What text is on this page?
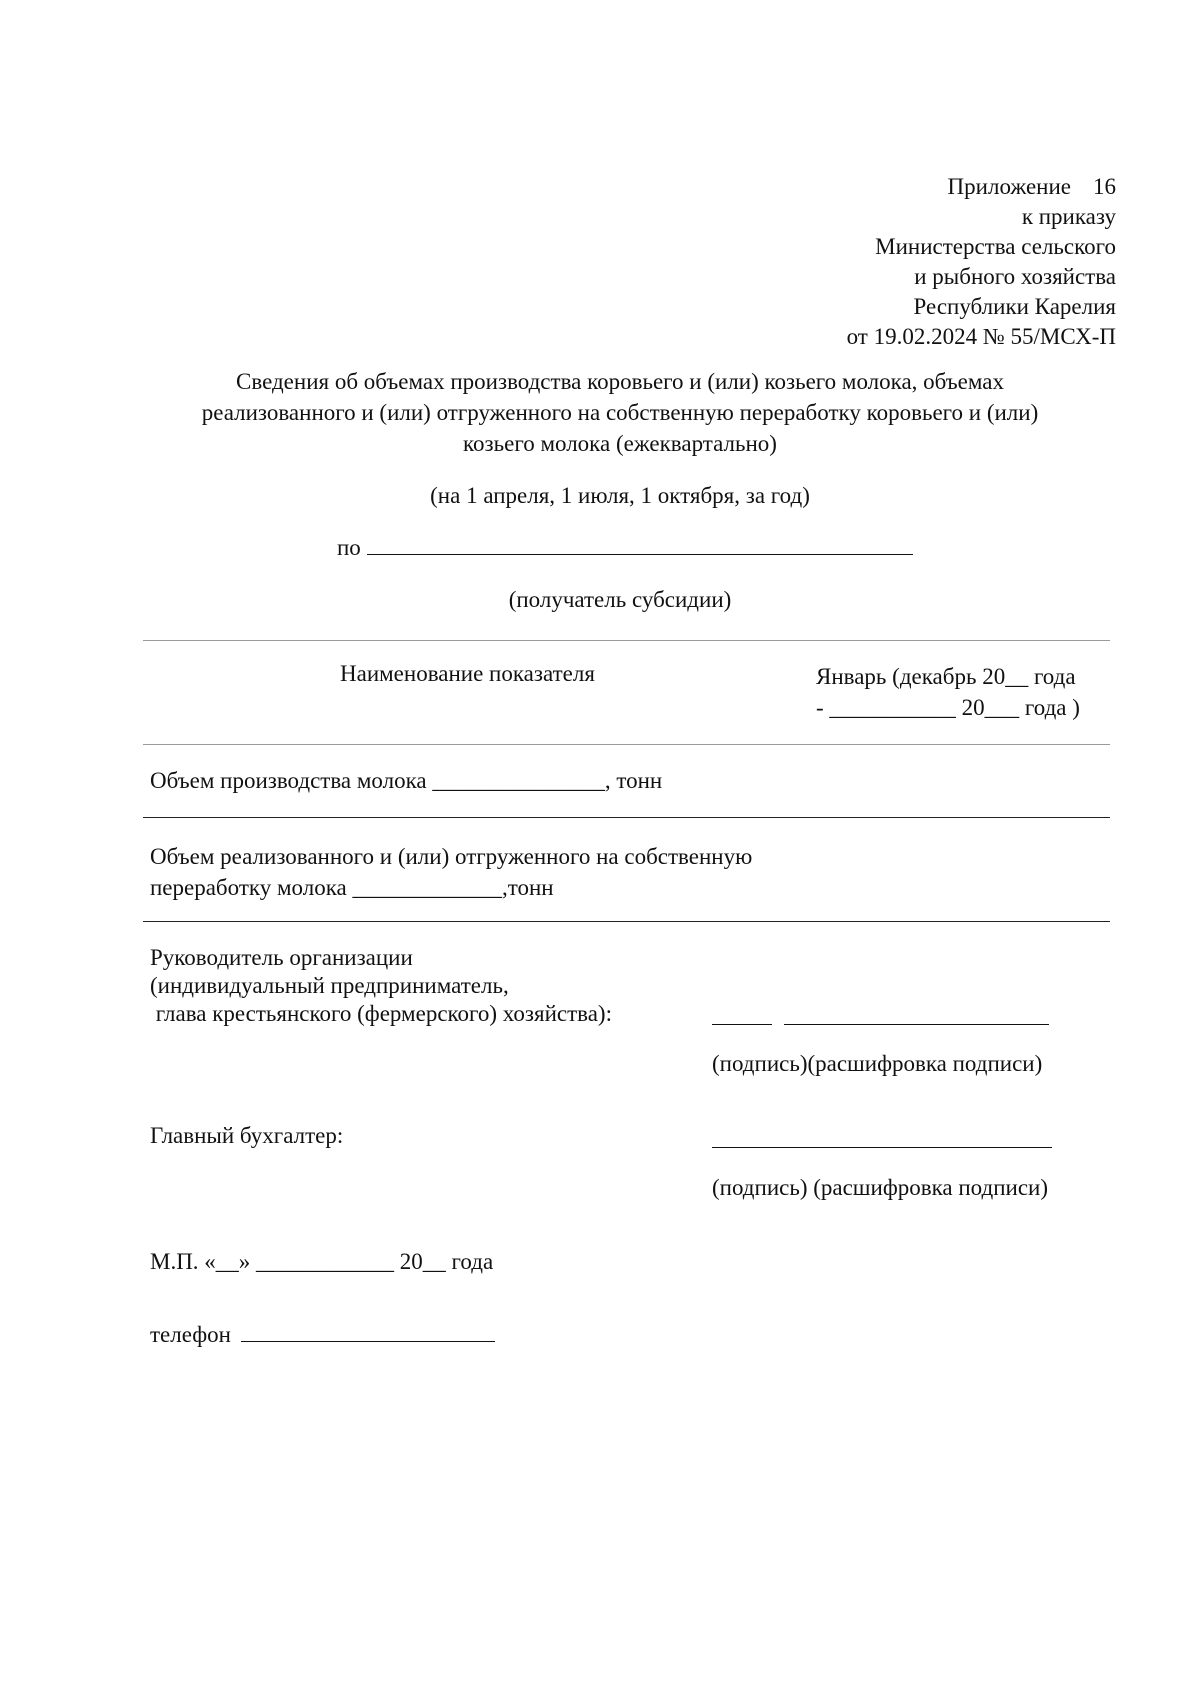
Приложение 16
к приказу
Министерства сельского
и рыбного хозяйства
Республики Карелия
от 19.02.2024 № 55/МСХ-П
Сведения об объемах производства коровьего и (или) козьего молока, объемах
реализованного и (или) отгруженного на собственную переработку коровьего и (или)
козьего молока (ежеквартально)
(на 1 апреля, 1 июля, 1 октября, за год)
по
(получатель субсидии)
Наименование показателя	Январь (декабрь 20__ года
- ___________ 20___ года )
Объем производства молока _______________, тонн
Объем реализованного и (или) отгруженного на собственную
переработку молока _____________,тонн
Руководитель организации
(индивидуальный предприниматель,
глава крестьянского (фермерского) хозяйства):

(подпись)(расшифровка подписи)
Главный бухгалтер:
(подпись) (расшифровка подписи)
М.П. «__» ____________ 20__ года
телефон
